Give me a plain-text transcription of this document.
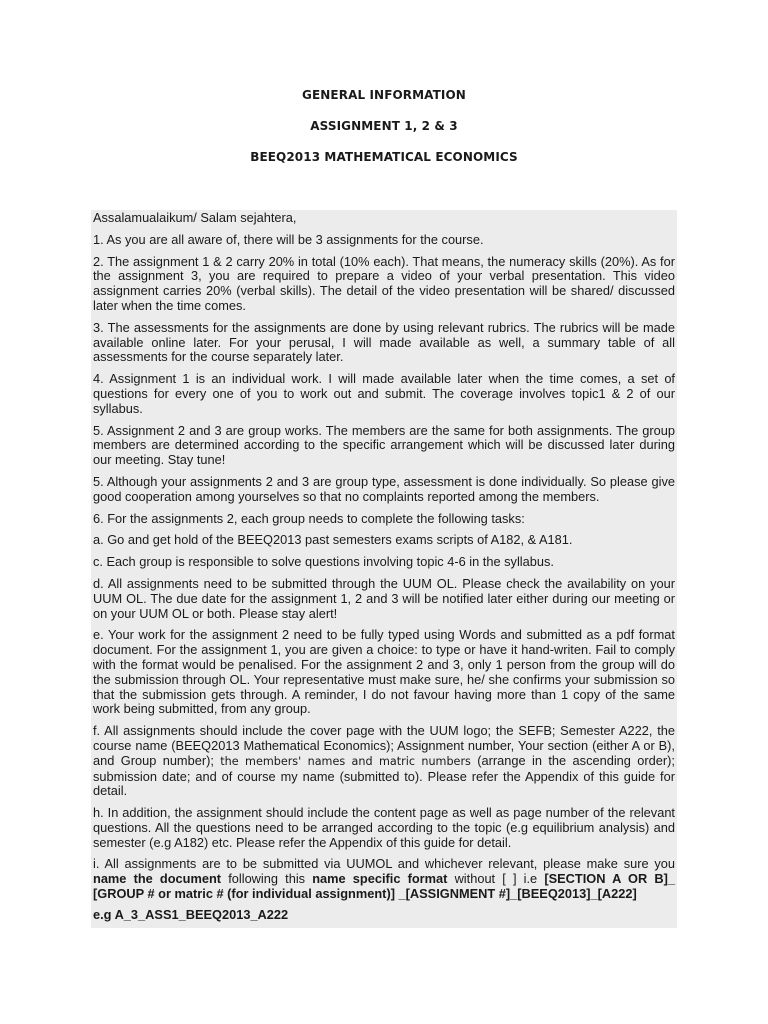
GENERAL INFORMATION
ASSIGNMENT 1, 2 & 3
BEEQ2013 MATHEMATICAL ECONOMICS

Assalamualaikum/ Salam sejahtera,

1. As you are all aware of, there will be 3 assignments for the course.

2. The assignment 1 & 2 carry 20% in total (10% each). That means, the numeracy skills (20%). As for the assignment 3, you are required to prepare a video of your verbal presentation. This video assignment carries 20% (verbal skills). The detail of the video presentation will be shared/ discussed later when the time comes.

3. The assessments for the assignments are done by using relevant rubrics. The rubrics will be made available online later. For your perusal, I will made available as well, a summary table of all assessments for the course separately later.

4. Assignment 1 is an individual work. I will made available later when the time comes, a set of questions for every one of you to work out and submit. The coverage involves topic1 & 2 of our syllabus.

5. Assignment 2 and 3 are group works. The members are the same for both assignments. The group members are determined according to the specific arrangement which will be discussed later during our meeting. Stay tune!

5. Although your assignments 2 and 3 are group type, assessment is done individually. So please give good cooperation among yourselves so that no complaints reported among the members.

6. For the assignments 2, each group needs to complete the following tasks:

a. Go and get hold of the BEEQ2013 past semesters exams scripts of A182, & A181.

c. Each group is responsible to solve questions involving topic 4-6 in the syllabus.

d. All assignments need to be submitted through the UUM OL. Please check the availability on your UUM OL. The due date for the assignment 1, 2 and 3 will be notified later either during our meeting or on your UUM OL or both. Please stay alert!

e. Your work for the assignment 2 need to be fully typed using Words and submitted as a pdf format document. For the assignment 1, you are given a choice: to type or have it hand-writen. Fail to comply with the format would be penalised. For the assignment 2 and 3, only 1 person from the group will do the submission through OL. Your representative must make sure, he/ she confirms your submission so that the submission gets through. A reminder, I do not favour having more than 1 copy of the same work being submitted, from any group.

f. All assignments should include the cover page with the UUM logo; the SEFB; Semester A222, the course name (BEEQ2013 Mathematical Economics); Assignment number, Your section (either A or B), and Group number); the members' names and matric numbers (arrange in the ascending order); submission date; and of course my name (submitted to). Please refer the Appendix of this guide for detail.

h. In addition, the assignment should include the content page as well as page number of the relevant questions. All the questions need to be arranged according to the topic (e.g equilibrium analysis) and semester (e.g A182) etc. Please refer the Appendix of this guide for detail.

i. All assignments are to be submitted via UUMOL and whichever relevant, please make sure you name the document following this name specific format without [ ] i.e [SECTION A OR B]_ [GROUP # or matric # (for individual assignment)] _[ASSIGNMENT #]_[BEEQ2013]_[A222]

e.g A_3_ASS1_BEEQ2013_A222
